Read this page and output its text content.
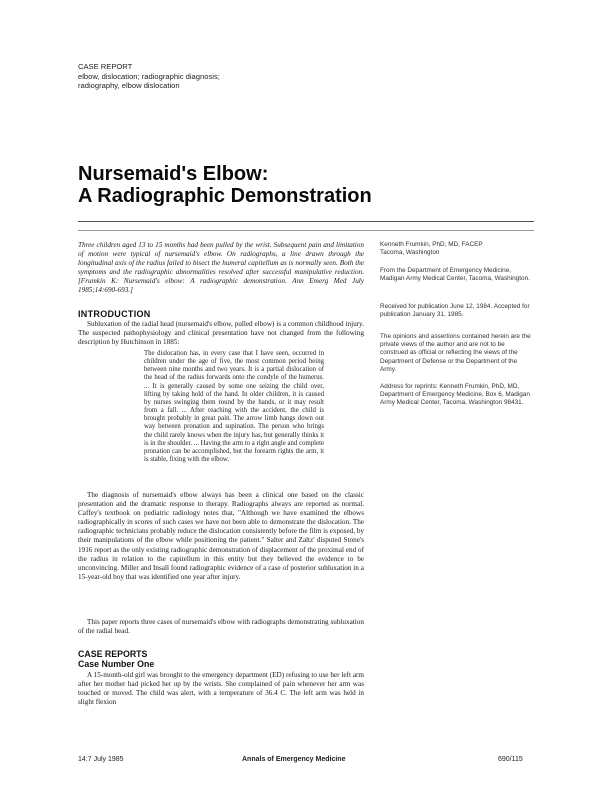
CASE REPORT
elbow, dislocation; radiographic diagnosis;
radiography, elbow dislocation
Nursemaid's Elbow:
A Radiographic Demonstration
Three children aged 13 to 15 months had been pulled by the wrist. Subsequent pain and limitation of motion were typical of nursemaid's elbow. On radiographs, a line drawn through the longitudinal axis of the radius failed to bisect the humeral capitellum as is normally seen. Both the symptoms and the radiographic abnormalities resolved after successful manipulative reduction. [Frumkin K: Nursemaid's elbow: A radiographic demonstration. Ann Emerg Med July 1985;14:690-693.]
INTRODUCTION
Subluxation of the radial head (nursemaid's elbow, pulled elbow) is a common childhood injury. The suspected pathophysiology and clinical presentation have not changed from the following description by Hutchinson in 1885:
The dislocation has, in every case that I have seen, occurred in children under the age of five, the most common period being between nine months and two years. It is a partial dislocation of the head of the radius forwards onto the condyle of the humerus. ... It is generally caused by some one seizing the child over, lifting by taking hold of the hand. In older children, it is caused by nurses swinging them round by the hands, or it may result from a fall. ... After reaching with the accident, the child is brought probably in great pain. The arrow limb hangs down out way between pronation and supination. The person who brings the child rarely knows when the injury has, but generally thinks it is in the shoulder. ... Having the arm to a right angle and complete pronation can be accomplished, but the forearm rights the arm, it is stable, fixing with the elbow.
The diagnosis of nursemaid's elbow always has been a clinical one based on the classic presentation and the dramatic response to therapy. Radiographs always are reported as normal. Caffey's textbook on pediatric radiology notes that, "Although we have examined the elbows radiographically in scores of such cases we have not been able to demonstrate the dislocation. The radiographic technicians probably reduce the dislocation consistently before the film is exposed, by their manipulations of the elbow while positioning the patient." Salter and Zaltz' disputed Stone's 1916 report as the only existing radiographic demonstration of displacement of the proximal end of the radius in relation to the capitellum in this entity but they believed the evidence to be unconvincing. Miller and Insall found radiographic evidence of a case of posterior subluxation in a 15-year-old boy that was identified one year after injury.
This paper reports three cases of nursemaid's elbow with radiographs demonstrating subluxation of the radial head.
CASE REPORTS
Case Number One
A 15-month-old girl was brought to the emergency department (ED) refusing to use her left arm after her mother had picked her up by the wrists. She complained of pain whenever her arm was touched or moved. The child was alert, with a temperature of 36.4 C. The left arm was held in slight flexion
Kenneth Frumkin, PhD, MD, FACEP
Tacoma, Washington
From the Department of Emergency Medicine, Madigan Army Medical Center, Tacoma, Washington.
Received for publication June 12, 1984. Accepted for publication January 31, 1985.
The opinions and assertions contained herein are the private views of the author and are not to be construed as official or reflecting the views of the Department of Defense or the Department of the Army.
Address for reprints: Kenneth Frumkin, PhD, MD, Department of Emergency Medicine, Box 6, Madigan Army Medical Center, Tacoma, Washington 98431.
14:7 July 1985	Annals of Emergency Medicine	690/115
